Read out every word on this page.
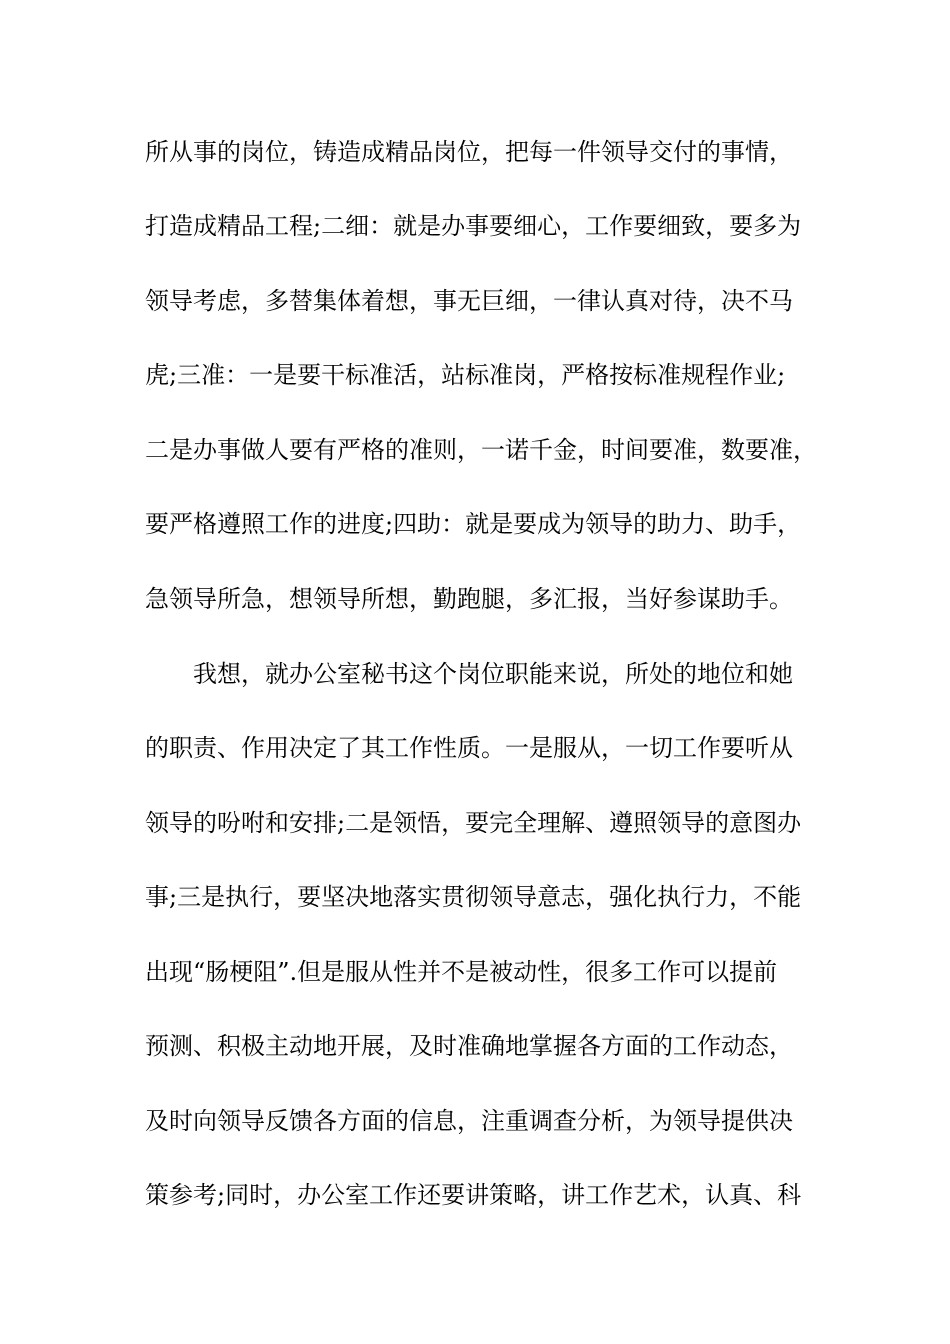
所从事的岗位，铸造成精品岗位，把每一件领导交付的事情，
打造成精品工程;二细：就是办事要细心，工作要细致，要多为
领导考虑，多替集体着想，事无巨细，一律认真对待，决不马
虎;三准：一是要干标准活，站标准岗，严格按标准规程作业;
二是办事做人要有严格的准则，一诺千金，时间要准，数要准，
要严格遵照工作的进度;四助：就是要成为领导的助力、助手，
急领导所急，想领导所想，勤跑腿，多汇报，当好参谋助手。
我想，就办公室秘书这个岗位职能来说，所处的地位和她
的职责、作用决定了其工作性质。一是服从，一切工作要听从
领导的吩咐和安排;二是领悟，要完全理解、遵照领导的意图办
事;三是执行，要坚决地落实贯彻领导意志，强化执行力，不能
出现“肠梗阻”.但是服从性并不是被动性，很多工作可以提前
预测、积极主动地开展，及时准确地掌握各方面的工作动态，
及时向领导反馈各方面的信息，注重调查分析，为领导提供决
策参考;同时，办公室工作还要讲策略，讲工作艺术，认真、科
